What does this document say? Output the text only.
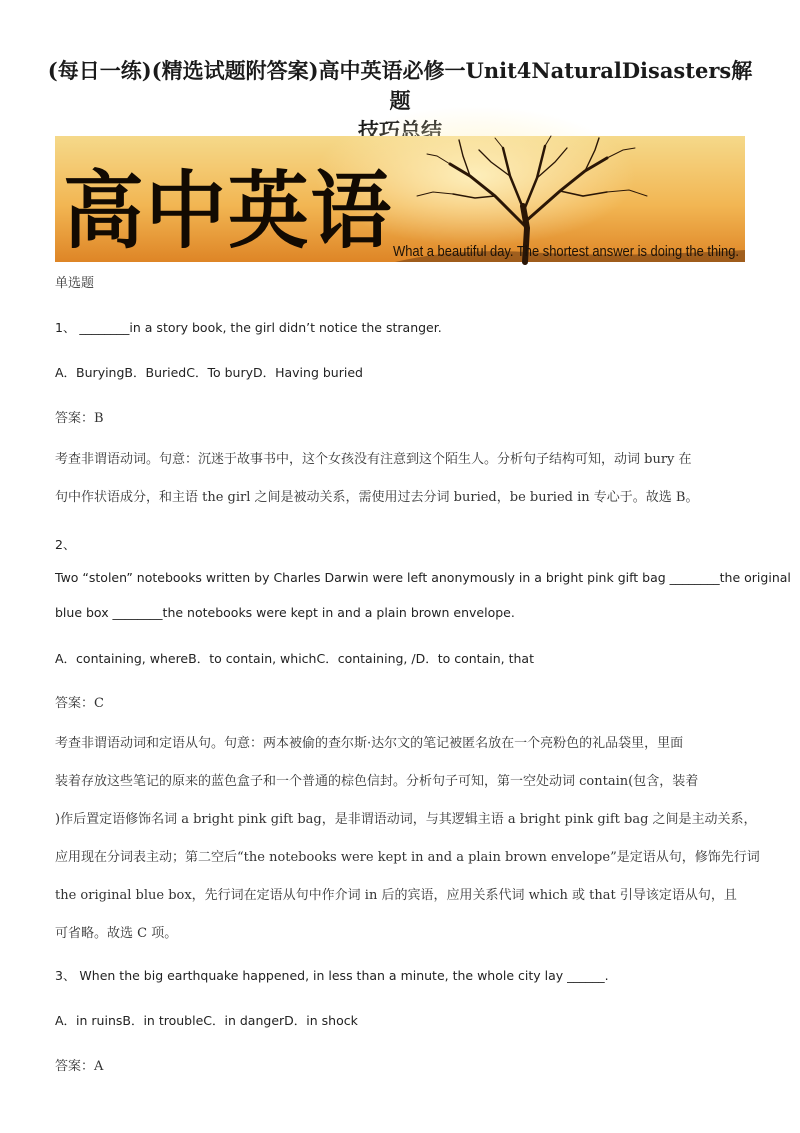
(每日一练)(精选试题附答案)高中英语必修一Unit4NaturalDisasters解题
高中英语 What a beautiful day. The shortest answer is doing the thing.
单选题
1、 ________in a story book, the girl didn’t notice the stranger.
A．BuryingB．BuriedC．To buryD．Having buried
答案：B
考查非谓语动词。句意：沉迷于故事书中，这个女孩没有注意到这个陌生人。分析句子结构可知，动词 bury 在
句中作状语成分，和主语 the girl 之间是被动关系，需使用过去分词 buried，be buried in 专心于。故选 B。
2、
Two “stolen” notebooks written by Charles Darwin were left anonymously in a bright pink gift bag ________the original
blue box ________the notebooks were kept in and a plain brown envelope.
A．containing, whereB．to contain, whichC．containing, /D．to contain, that
答案：C
考查非谓语动词和定语从句。句意：两本被偷的查尔斯·达尔文的笔记被匿名放在一个亮粉色的礼品袋里，里面
装着存放这些笔记的原来的蓝色盒子和一个普通的棕色信封。分析句子可知，第一空处动词 contain(包含，装着
)作后置定语修饰名词 a bright pink gift bag，是非谓语动词，与其逻辑主语 a bright pink gift bag 之间是主动关系，
应用现在分词表主动；第二空后“the notebooks were kept in and a plain brown envelope”是定语从句，修饰先行词
the original blue box，先行词在定语从句中作介词 in 后的宾语，应用关系代词 which 或 that 引导该定语从句，且
可省略。故选 C 项。
3、 When the big earthquake happened, in less than a minute, the whole city lay ______.
A．in ruinsB．in troubleC．in dangerD．in shock
答案：A
